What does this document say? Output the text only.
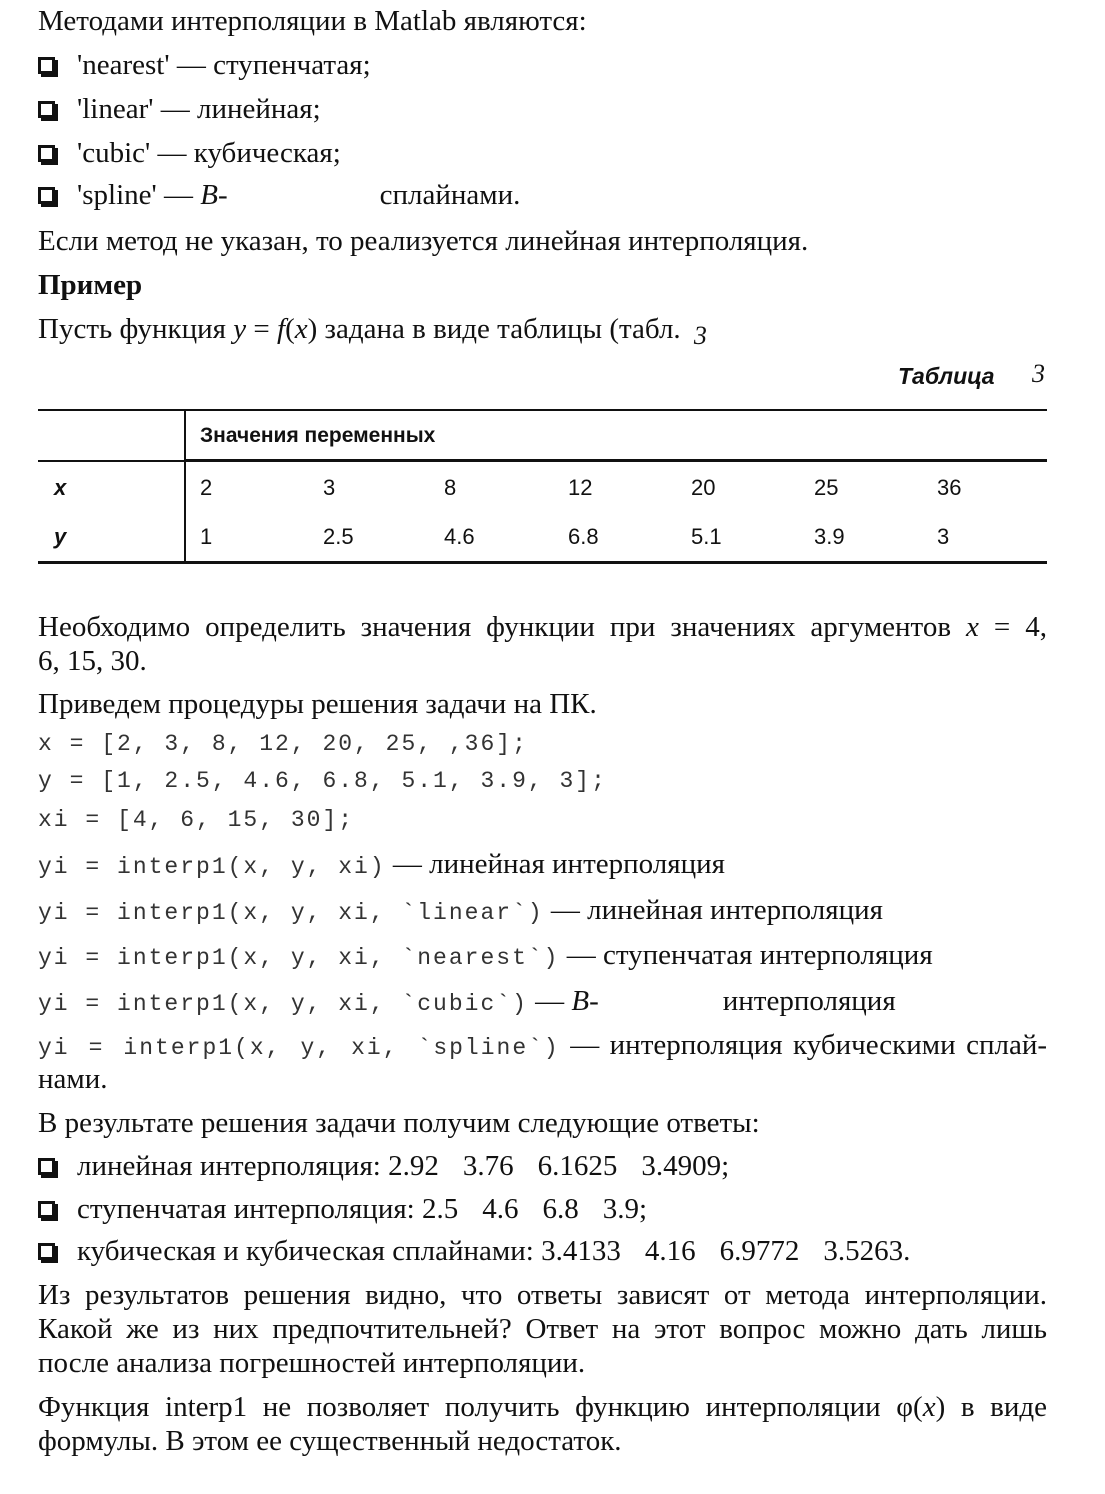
Методами интерполяции в Matlab являются:
'nearest' — ступенчатая;
'linear' — линейная;
'cubic' — кубическая;
'spline' — B-	сплайнами.
Если метод не указан, то реализуется линейная интерполяция.
Пример
Пусть функция y = f(x) задана в виде таблицы (табл. 3
Таблица 3
Значения переменных
x	2	3	8	12	20	25	36
y	1	2.5	4.6	6.8	5.1	3.9	3
Необходимо определить значения функции при значениях аргументов x = 4,
6, 15, 30.
Приведем процедуры решения задачи на ПК.
x = [2, 3, 8, 12, 20, 25, ,36];
y = [1, 2.5, 4.6, 6.8, 5.1, 3.9, 3];
xi = [4, 6, 15, 30];
yi = interp1(x, y, xi) — линейная интерполяция
yi = interp1(x, y, xi, `linear`) — линейная интерполяция
yi = interp1(x, y, xi, `nearest`) — ступенчатая интерполяция
yi = interp1(x, y, xi, `cubic`) — B-	интерполяция
yi = interp1(x, y, xi, `spline`) — интерполяция кубическими сплай-
нами.
В результате решения задачи получим следующие ответы:
линейная интерполяция: 2.92 3.76 6.1625 3.4909;
ступенчатая интерполяция: 2.5 4.6 6.8 3.9;
кубическая и кубическая сплайнами: 3.4133 4.16 6.9772 3.5263.
Из результатов решения видно, что ответы зависят от метода интерполяции.
Какой же из них предпочтительней? Ответ на этот вопрос можно дать лишь
после анализа погрешностей интерполяции.
Функция interp1 не позволяет получить функцию интерполяции φ(x) в виде
формулы. В этом ее существенный недостаток.
